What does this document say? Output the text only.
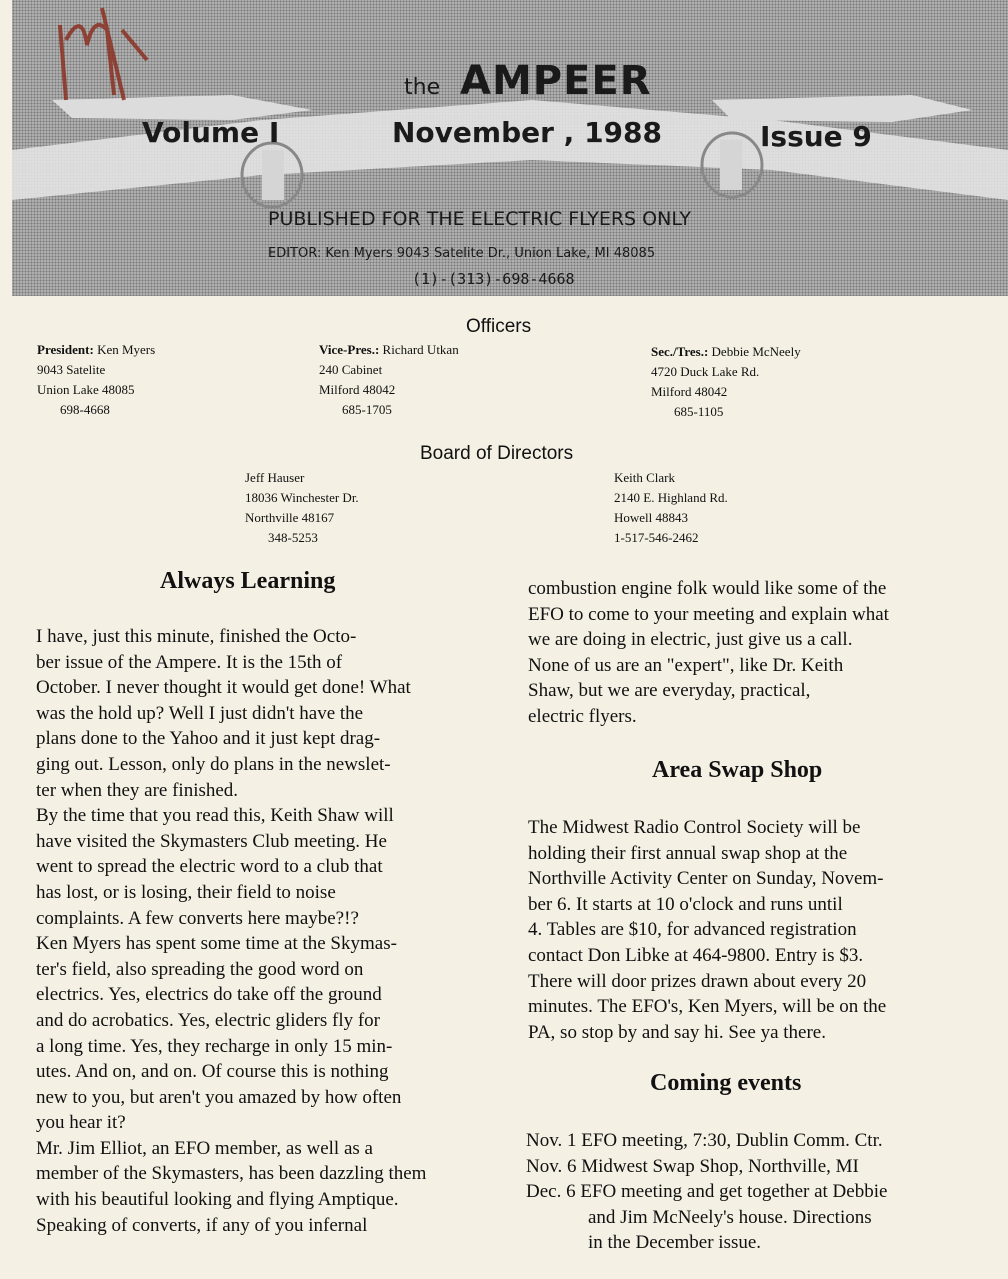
the AMPEER
Volume I	November , 1988	Issue 9
PUBLISHED FOR THE ELECTRIC FLYERS ONLY
EDITOR: Ken Myers 9043 Satelite Dr., Union Lake, MI 48085
(1)-(313)-698-4668
Officers
President: Ken Myers
9043 Satelite
Union Lake 48085
698-4668
Vice-Pres.: Richard Utkan
240 Cabinet
Milford 48042
685-1705
Sec./Tres.: Debbie McNeely
4720 Duck Lake Rd.
Milford 48042
685-1105
Board of Directors
Jeff Hauser
18036 Winchester Dr.
Northville 48167
348-5253
Keith Clark
2140 E. Highland Rd.
Howell 48843
1-517-546-2462
Always Learning

I have, just this minute, finished the Octo-

ber issue of the Ampere. It is the 15th of

October. I never thought it would get done! What

was the hold up? Well I just didn't have the

plans done to the Yahoo and it just kept drag-

ging out. Lesson, only do plans in the newslet-

ter when they are finished.

By the time that you read this, Keith Shaw will

have visited the Skymasters Club meeting. He

went to spread the electric word to a club that

has lost, or is losing, their field to noise

complaints. A few converts here maybe?!?

Ken Myers has spent some time at the Skymas-

ter's field, also spreading the good word on

electrics. Yes, electrics do take off the ground

and do acrobatics. Yes, electric gliders fly for

a long time. Yes, they recharge in only 15 min-

utes. And on, and on. Of course this is nothing

new to you, but aren't you amazed by how often

you hear it?

Mr. Jim Elliot, an EFO member, as well as a

member of the Skymasters, has been dazzling them

with his beautiful looking and flying Amptique.

Speaking of converts, if any of you infernal

combustion engine folk would like some of the

EFO to come to your meeting and explain what

we are doing in electric, just give us a call.

None of us are an "expert", like Dr. Keith

Shaw, but we are everyday, practical,

electric flyers.

Area Swap Shop

The Midwest Radio Control Society will be

holding their first annual swap shop at the

Northville Activity Center on Sunday, Novem-

ber 6. It starts at 10 o'clock and runs until

4. Tables are $10, for advanced registration

contact Don Libke at 464-9800. Entry is $3.

There will door prizes drawn about every 20

minutes. The EFO's, Ken Myers, will be on the

PA, so stop by and say hi. See ya there.

Coming events
Nov. 1 EFO meeting, 7:30, Dublin Comm. Ctr.
Nov. 6 Midwest Swap Shop, Northville, MI
Dec. 6 EFO meeting and get together at Debbie
and Jim McNeely's house. Directions
in the December issue.
